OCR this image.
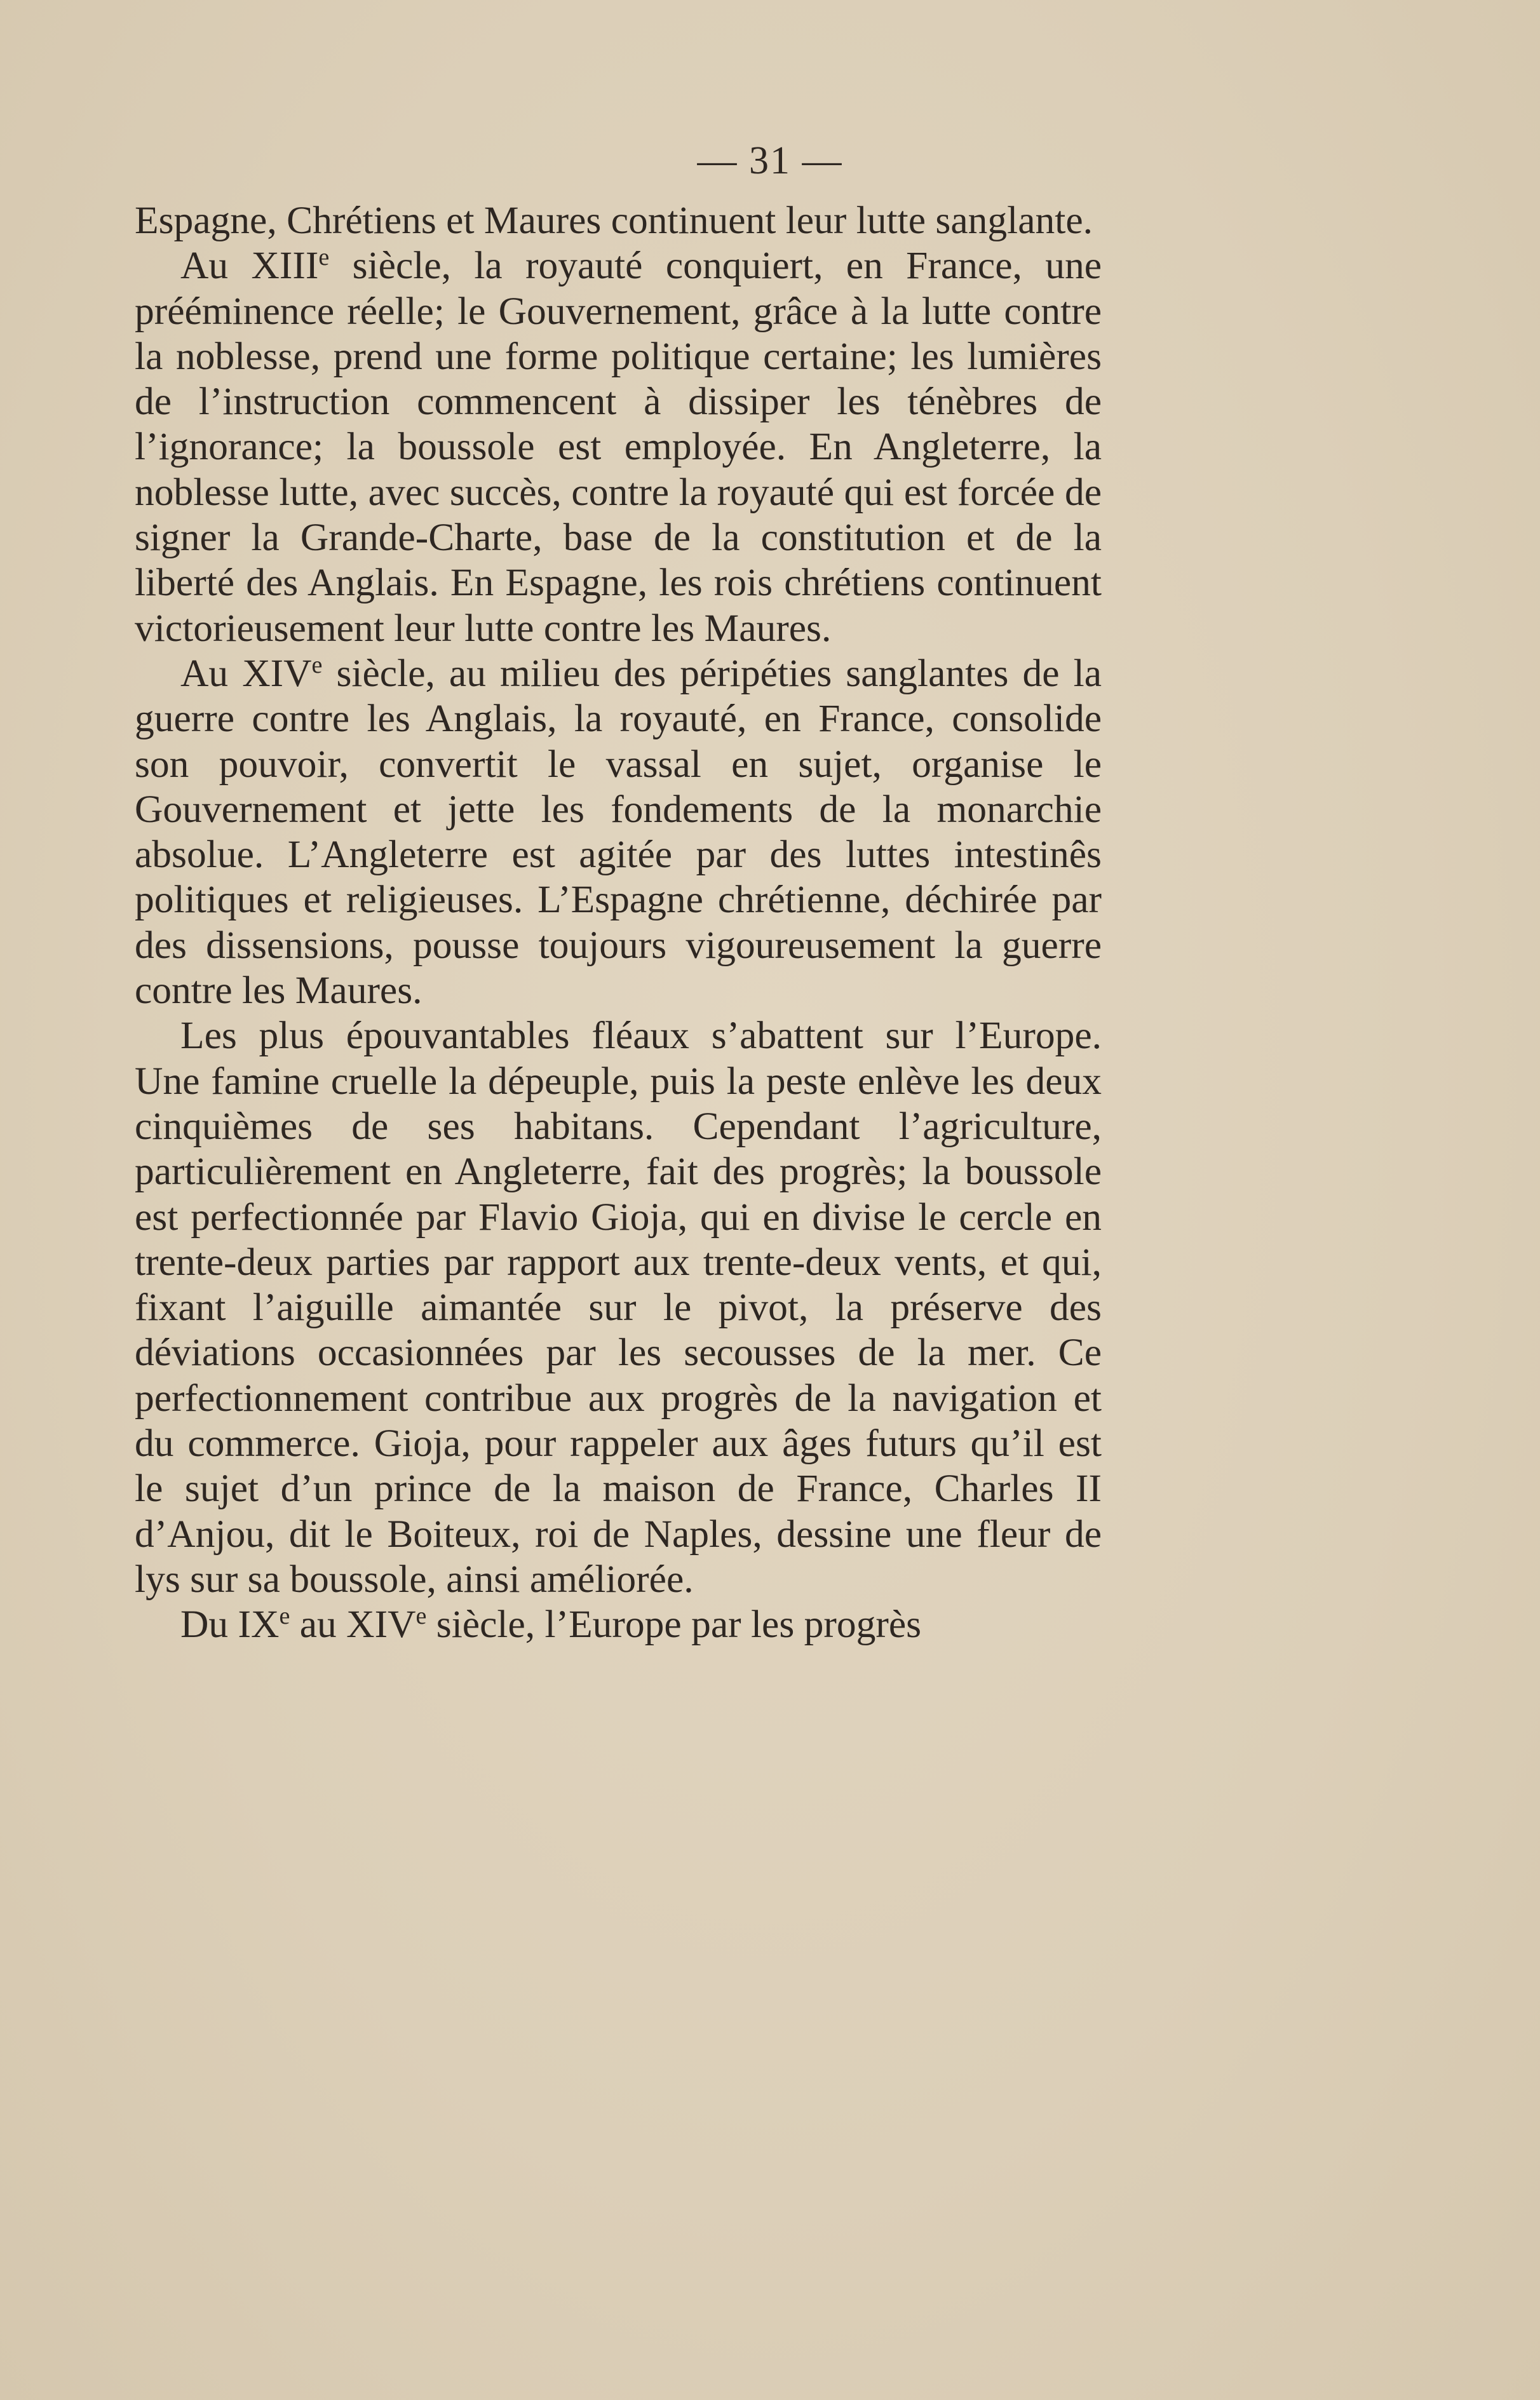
— 31 —

Espagne, Chrétiens et Maures continuent leur lutte sanglante.

Au XIIIe siècle, la royauté conquiert, en France, une prééminence réelle; le Gouvernement, grâce à la lutte contre la noblesse, prend une forme politique certaine; les lumières de l’instruction commencent à dissiper les ténèbres de l’ignorance; la boussole est employée. En Angleterre, la noblesse lutte, avec succès, contre la royauté qui est forcée de signer la Grande-Charte, base de la constitution et de la liberté des Anglais. En Espagne, les rois chrétiens continuent victorieusement leur lutte contre les Maures.

Au XIVe siècle, au milieu des péripéties sanglantes de la guerre contre les Anglais, la royauté, en France, consolide son pouvoir, convertit le vassal en sujet, organise le Gouvernement et jette les fondements de la monarchie absolue. L’Angleterre est agitée par des luttes intestinês politiques et religieuses. L’Espagne chrétienne, déchirée par des dissensions, pousse toujours vigoureusement la guerre contre les Maures.

Les plus épouvantables fléaux s’abattent sur l’Europe. Une famine cruelle la dépeuple, puis la peste enlève les deux cinquièmes de ses habitans. Cependant l’agriculture, particulièrement en Angleterre, fait des progrès; la boussole est perfectionnée par Flavio Gioja, qui en divise le cercle en trente-deux parties par rapport aux trente-deux vents, et qui, fixant l’aiguille aimantée sur le pivot, la préserve des déviations occasionnées par les secousses de la mer. Ce perfectionnement contribue aux progrès de la navigation et du commerce. Gioja, pour rappeler aux âges futurs qu’il est le sujet d’un prince de la maison de France, Charles II d’Anjou, dit le Boiteux, roi de Naples, dessine une fleur de lys sur sa boussole, ainsi améliorée.

Du IXe au XIVe siècle, l’Europe par les progrès
